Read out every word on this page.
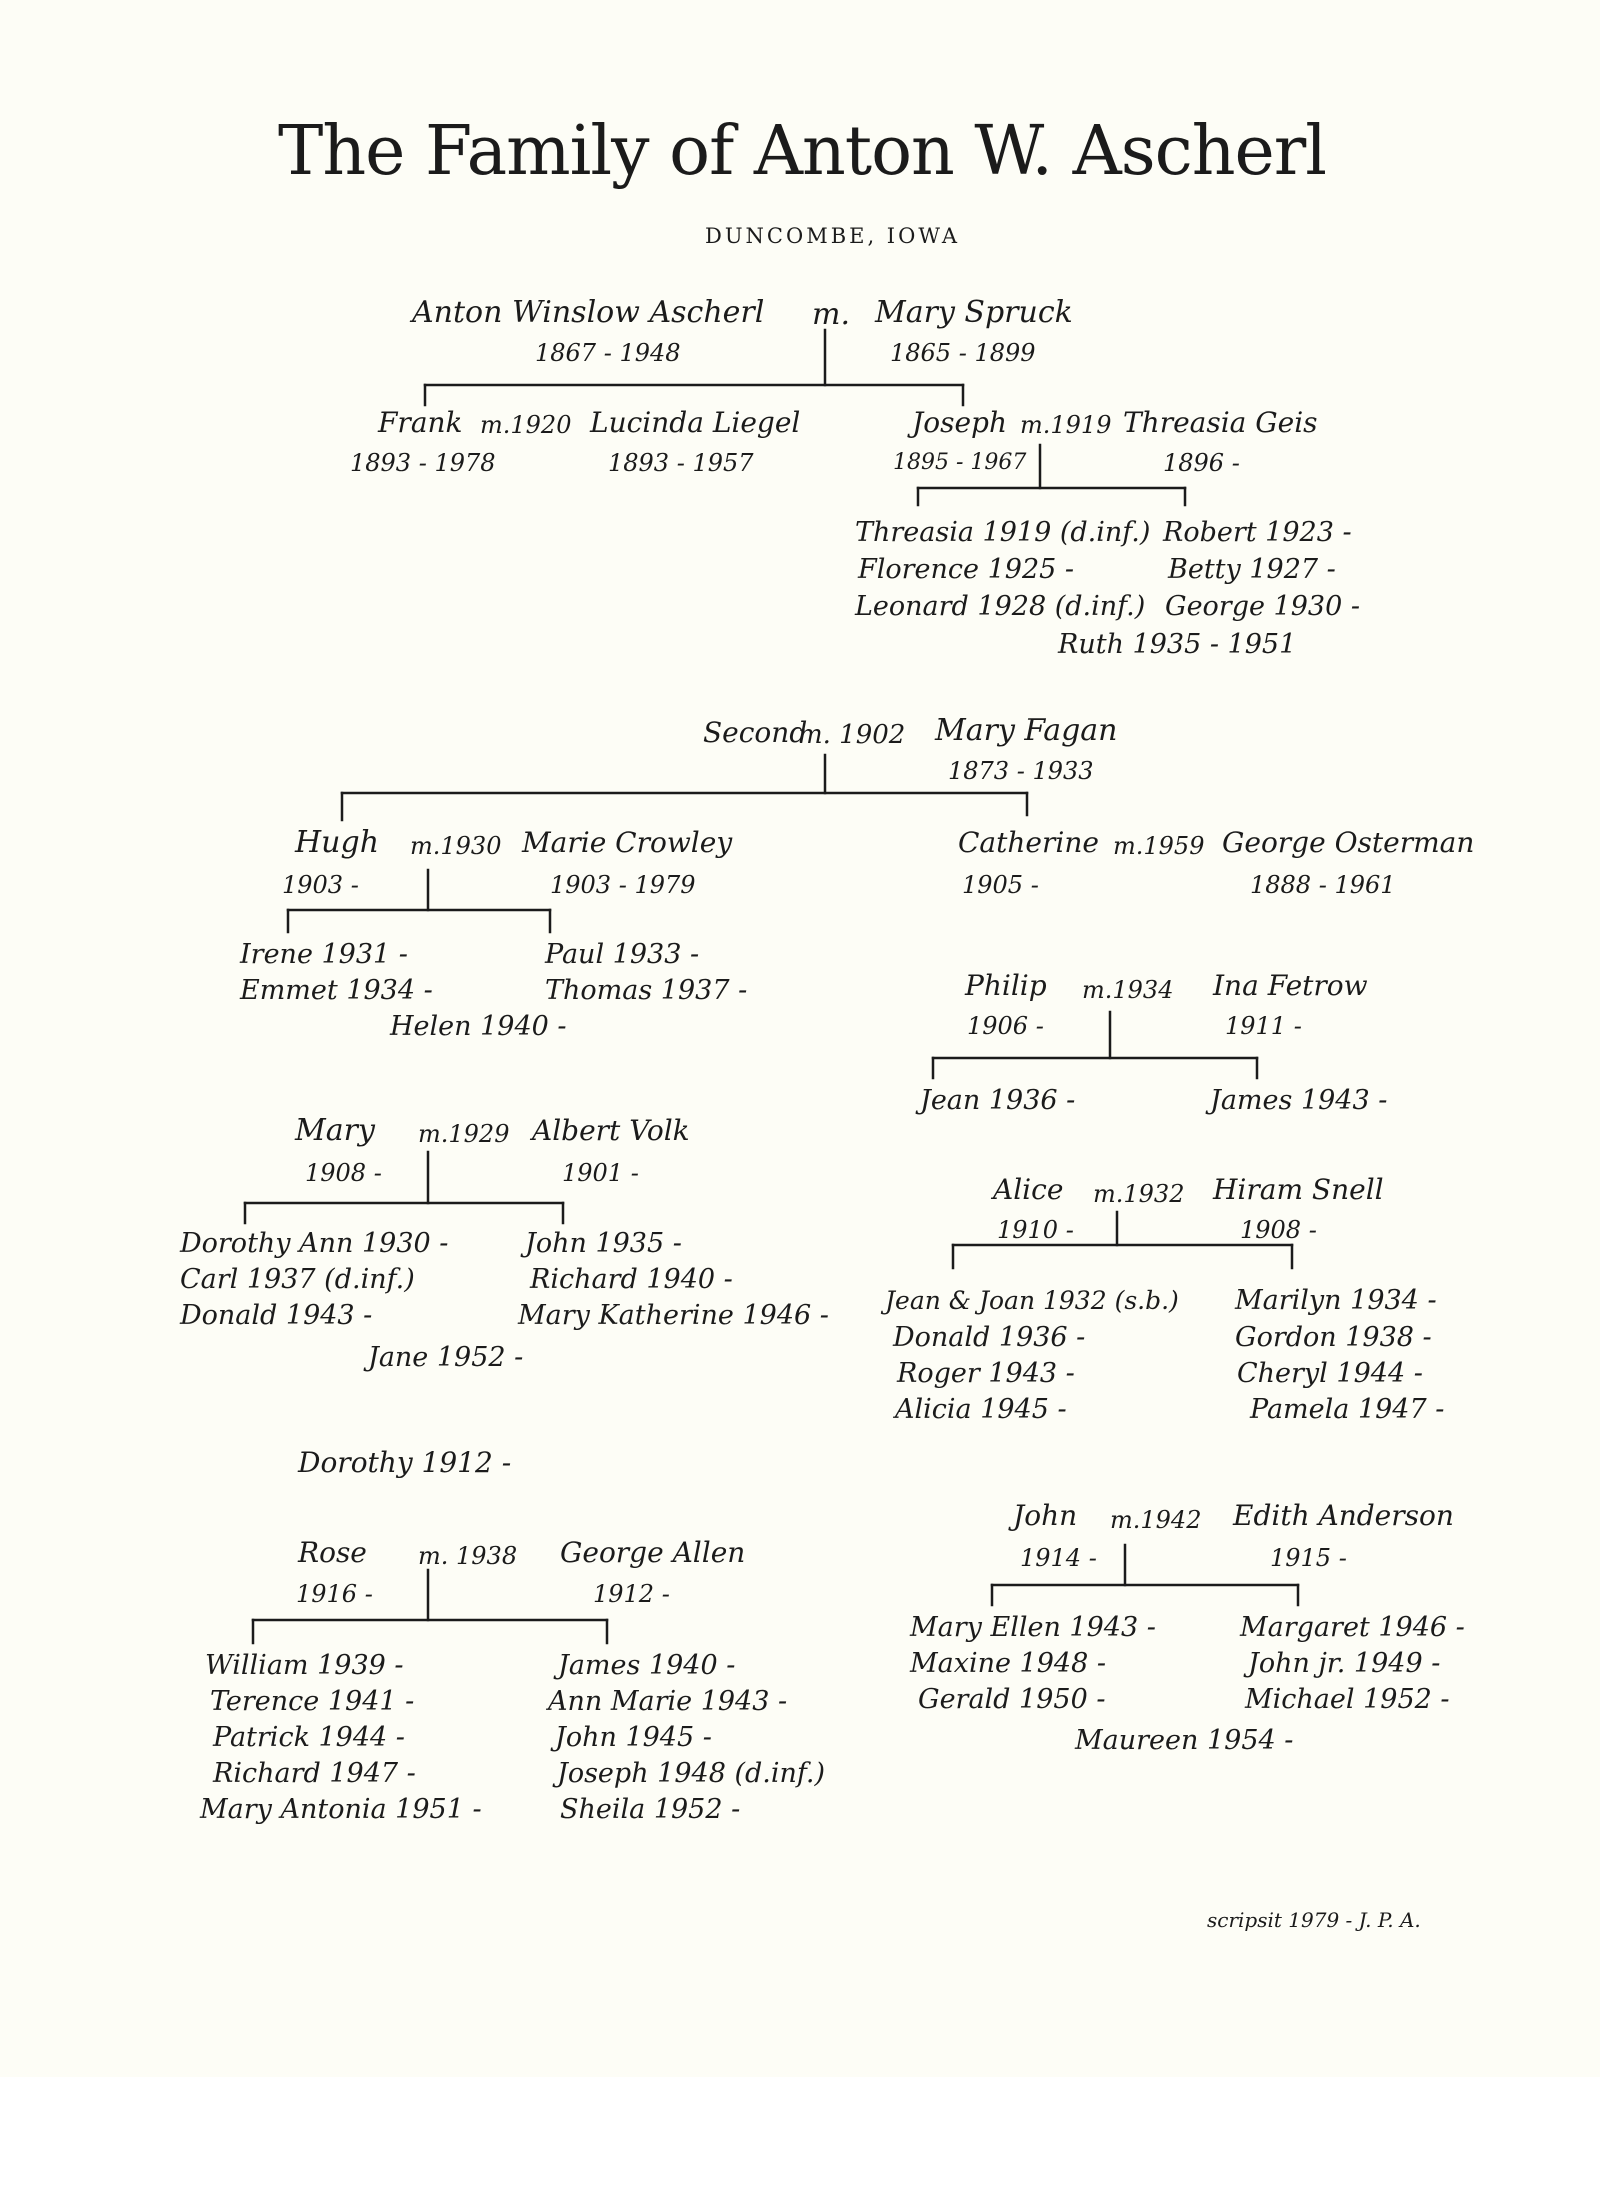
The Family of Anton W. Ascherl
DUNCOMBE, IOWA
Anton Winslow Ascherl
1867 - 1948
m. Mary Spruck
1865 - 1899
Frank m.1920 Lucinda Liegel
1893 - 1978	1893 - 1957
Joseph m.1919 Threasia Geis
1895 - 1967	1896 -
Threasia 1919 (d.inf.)
Florence 1925 -
Leonard 1928 (d.inf.)
Robert 1923 -
Betty 1927 -
George 1930 -
Ruth 1935 - 1951
Second
m. 1902 Mary Fagan
1873 - 1933
Hugh m.1930 Marie Crowley
1903 -	1903 - 1979
Irene 1931 -
Emmet 1934 -
Paul 1933 -
Thomas 1937 -
Helen 1940 -
Catherine m.1959 George Osterman
1905 -	1888 - 1961
Philip m.1934 Ina Fetrow
1906 -	1911 -
Jean 1936 -	James 1943 -
Mary m.1929 Albert Volk
1908 -	1901 -
Dorothy Ann 1930 -
Carl 1937 (d.inf.)
Donald 1943 -
John 1935 -
Richard 1940 -
Mary Katherine 1946 -
Jane 1952 -
Alice m.1932 Hiram Snell
1910 -	1908 -
Jean & Joan 1932 (s.b.)
Donald 1936 -
Roger 1943 -
Alicia 1945 -
Marilyn 1934 -
Gordon 1938 -
Cheryl 1944 -
Pamela 1947 -
Dorothy 1912 -
John m.1942 Edith Anderson
1914 -	1915 -
Mary Ellen 1943 -
Maxine 1948 -
Gerald 1950 -
Margaret 1946 -
John jr. 1949 -
Michael 1952 -
Maureen 1954 -
Rose m. 1938 George Allen
1916 -	1912 -
William 1939 -
Terence 1941 -
Patrick 1944 -
Richard 1947 -
Mary Antonia 1951 -
James 1940 -
Ann Marie 1943 -
John 1945 -
Joseph 1948 (d.inf.)
Sheila 1952 -
scripsit 1979 - J. P. A.
